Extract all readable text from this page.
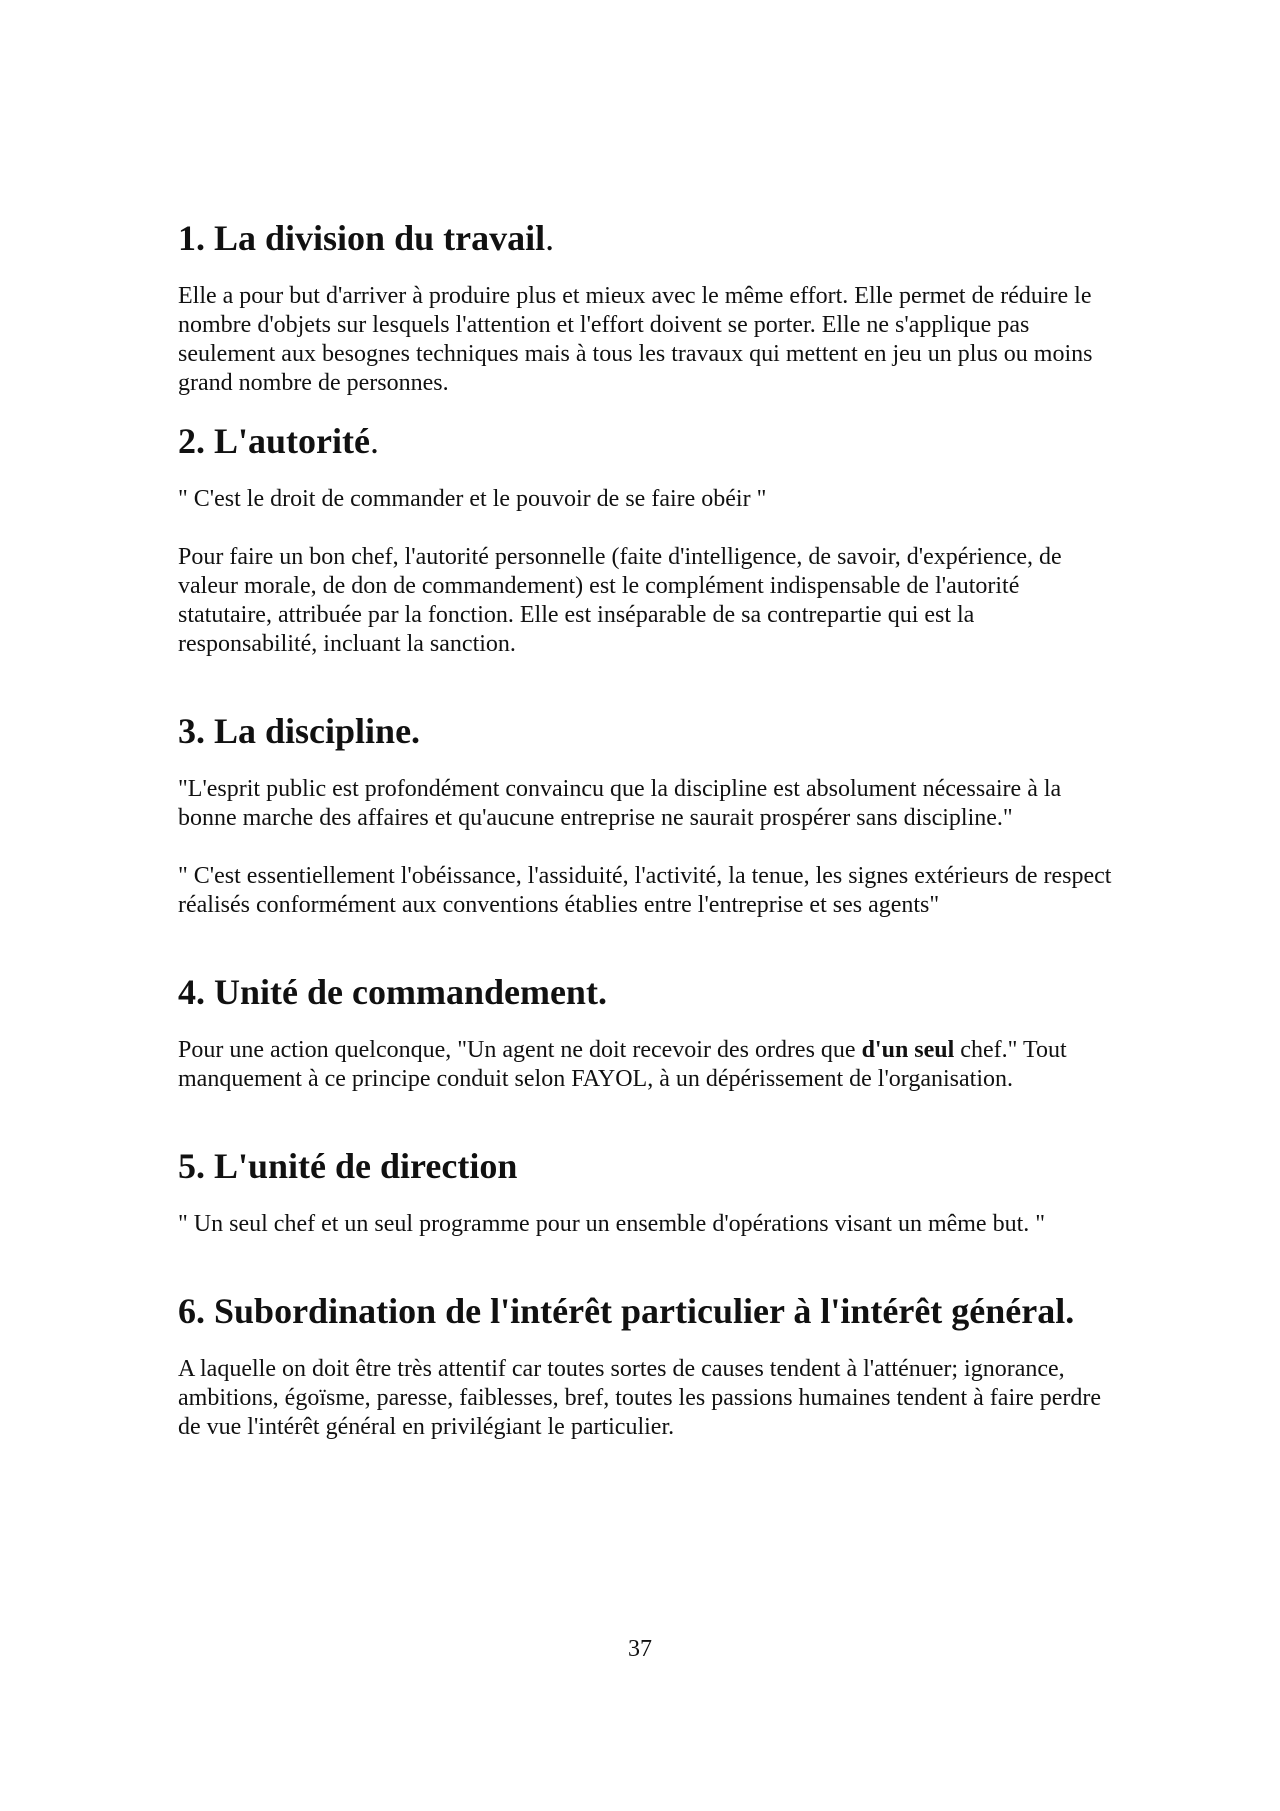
1. La division du travail.

Elle a pour but d'arriver à produire plus et mieux avec le même effort. Elle permet de réduire le nombre d'objets sur lesquels l'attention et l'effort doivent se porter. Elle ne s'applique pas seulement aux besognes techniques mais à tous les travaux qui mettent en jeu un plus ou moins grand nombre de personnes.

2. L'autorité.

" C'est le droit de commander et le pouvoir de se faire obéir "

Pour faire un bon chef, l'autorité personnelle (faite d'intelligence, de savoir, d'expérience, de valeur morale, de don de commandement) est le complément indispensable de l'autorité statutaire, attribuée par la fonction. Elle est inséparable de sa contrepartie qui est la responsabilité, incluant la sanction.

3. La discipline.

"L'esprit public est profondément convaincu que la discipline est absolument nécessaire à la bonne marche des affaires et qu'aucune entreprise ne saurait prospérer sans discipline."

" C'est essentiellement l'obéissance, l'assiduité, l'activité, la tenue, les signes extérieurs de respect réalisés conformément aux conventions établies entre l'entreprise et ses agents"

4. Unité de commandement.

Pour une action quelconque, "Un agent ne doit recevoir des ordres que d'un seul chef." Tout manquement à ce principe conduit selon FAYOL, à un dépérissement de l'organisation.

5. L'unité de direction

" Un seul chef et un seul programme pour un ensemble d'opérations visant un même but. "

6. Subordination de l'intérêt particulier à l'intérêt général.

A laquelle on doit être très attentif car toutes sortes de causes tendent à l'atténuer; ignorance, ambitions, égoïsme, paresse, faiblesses, bref, toutes les passions humaines tendent à faire perdre de vue l'intérêt général en privilégiant le particulier.

37
